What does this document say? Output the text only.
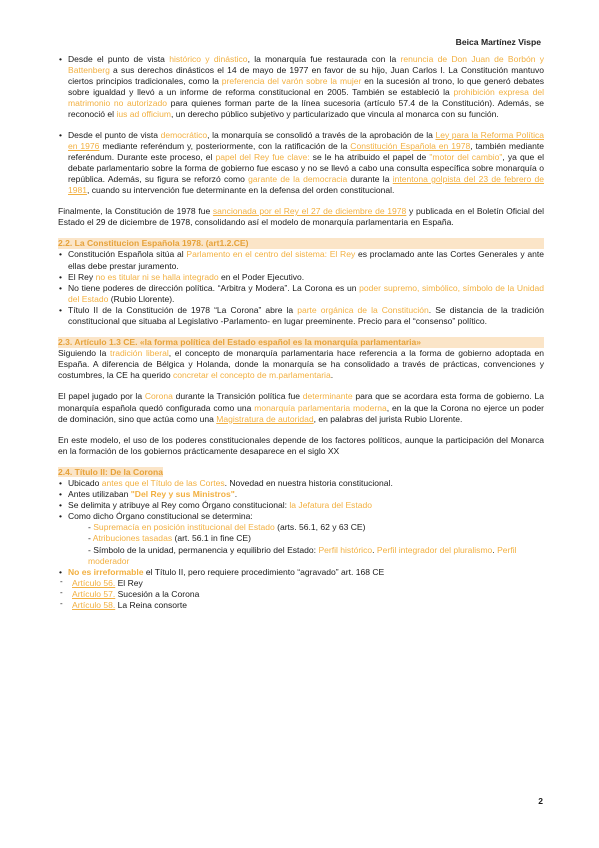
Beica Martínez Vispe
• Desde el punto de vista histórico y dinástico, la monarquía fue restaurada con la renuncia de Don Juan de Borbón y Battenberg a sus derechos dinásticos el 14 de mayo de 1977 en favor de su hijo, Juan Carlos I. La Constitución mantuvo ciertos principios tradicionales, como la preferencia del varón sobre la mujer en la sucesión al trono, lo que generó debates sobre igualdad y llevó a un informe de reforma constitucional en 2005. También se estableció la prohibición expresa del matrimonio no autorizado para quienes forman parte de la línea sucesoria (artículo 57.4 de la Constitución). Además, se reconoció el ius ad officium, un derecho público subjetivo y particularizado que vincula al monarca con su función.
• Desde el punto de vista democrático, la monarquía se consolidó a través de la aprobación de la Ley para la Reforma Política en 1976 mediante referéndum y, posteriormente, con la ratificación de la Constitución Española en 1978, también mediante referéndum. Durante este proceso, el papel del Rey fue clave: se le ha atribuido el papel de "motor del cambio", ya que el debate parlamentario sobre la forma de gobierno fue escaso y no se llevó a cabo una consulta específica sobre monarquía o república. Además, su figura se reforzó como garante de la democracia durante la intentona golpista del 23 de febrero de 1981, cuando su intervención fue determinante en la defensa del orden constitucional.

Finalmente, la Constitución de 1978 fue sancionada por el Rey el 27 de diciembre de 1978 y publicada en el Boletín Oficial del Estado el 29 de diciembre de 1978, consolidando así el modelo de monarquía parlamentaria en España.

2.2. La Constitucion Española 1978. (art1.2.CE)
• Constitución Española sitúa al Parlamento en el centro del sistema: El Rey es proclamado ante las Cortes Generales y ante ellas debe prestar juramento.
• El Rey no es titular ni se halla integrado en el Poder Ejecutivo.
• No tiene poderes de dirección política. “Arbitra y Modera”. La Corona es un poder supremo, simbólico, símbolo de la Unidad del Estado (Rubio Llorente).
• Título II de la Constitución de 1978 “La Corona” abre la parte orgánica de la Constitución. Se distancia de la tradición constitucional que situaba al Legislativo -Parlamento- en lugar preeminente. Precio para el “consenso” político.
2.3. Artículo 1.3 CE. «la forma política del Estado español es la monarquía parlamentaria»

Siguiendo la tradición liberal, el concepto de monarquía parlamentaria hace referencia a la forma de gobierno adoptada en España. A diferencia de Bélgica y Holanda, donde la monarquía se ha consolidado a través de prácticas, convenciones y costumbres, la CE ha querido concretar el concepto de m.parlamentaria.

El papel jugado por la Corona durante la Transición política fue determinante para que se acordara esta forma de gobierno. La monarquía española quedó configurada como una monarquía parlamentaria moderna, en la que la Corona no ejerce un poder de dominación, sino que actúa como una Magistratura de autoridad, en palabras del jurista Rubio Llorente.

En este modelo, el uso de los poderes constitucionales depende de los factores políticos, aunque la participación del Monarca en la formación de los gobiernos prácticamente desaparece en el siglo XX

2.4. Título II: De la Corona
• Ubicado antes que el Título de las Cortes. Novedad en nuestra historia constitucional.
• Antes utilizaban "Del Rey y sus Ministros".
• Se delimita y atribuye al Rey como Órgano constitucional: la Jefatura del Estado
• Como dicho Órgano constitucional se determina:
- Supremacía en posición institucional del Estado (arts. 56.1, 62 y 63 CE)
- Atribuciones tasadas (art. 56.1 in fine CE)
- Símbolo de la unidad, permanencia y equilibrio del Estado: Perfil histórico. Perfil integrador del pluralismo. Perfil moderador
• No es irreformable el Título II, pero requiere procedimiento “agravado” art. 168 CE
- Artículo 56. El Rey
- Artículo 57. Sucesión a la Corona
- Artículo 58. La Reina consorte
2
